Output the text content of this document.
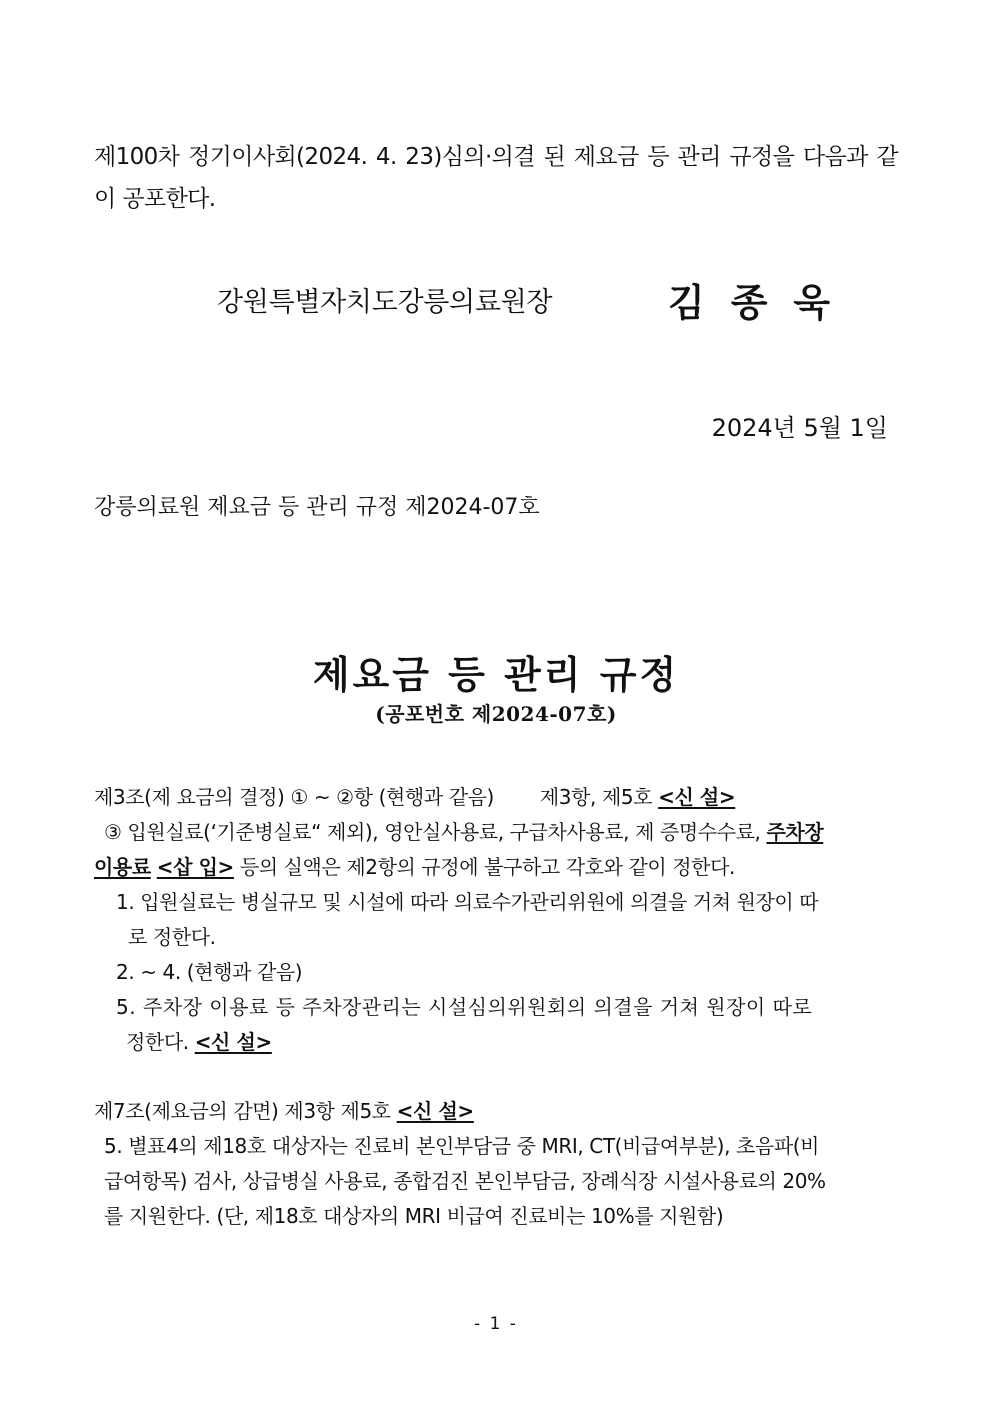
제100차 정기이사회(2024. 4. 23)심의·의결 된 제요금 등 관리 규정을 다음과 같이 공포한다.
강원특별자치도강릉의료원장	김종욱
2024년 5월 1일
강릉의료원 제요금 등 관리 규정 제2024-07호
제요금 등 관리 규정
(공포번호 제2024-07호)
제3조(제 요금의 결정) ① ~ ②항 (현행과 같음) 제3항, 제5호 <신 설>
③ 입원실료(‘기준병실료“ 제외), 영안실사용료, 구급차사용료, 제 증명수수료, 주차장
이용료 <삽 입> 등의 실액은 제2항의 규정에 불구하고 각호와 같이 정한다.
1. 입원실료는 병실규모 및 시설에 따라 의료수가관리위원에 의결을 거쳐 원장이 따
로 정한다.
2. ~ 4. (현행과 같음)
5. 주차장 이용료 등 주차장관리는 시설심의위원회의 의결을 거쳐 원장이 따로
정한다. <신 설>
제7조(제요금의 감면) 제3항 제5호 <신 설>
5. 별표4의 제18호 대상자는 진료비 본인부담금 중 MRI, CT(비급여부분), 초음파(비
급여항목) 검사, 상급병실 사용료, 종합검진 본인부담금, 장례식장 시설사용료의 20%
를 지원한다. (단, 제18호 대상자의 MRI 비급여 진료비는 10%를 지원함)
- 1 -
